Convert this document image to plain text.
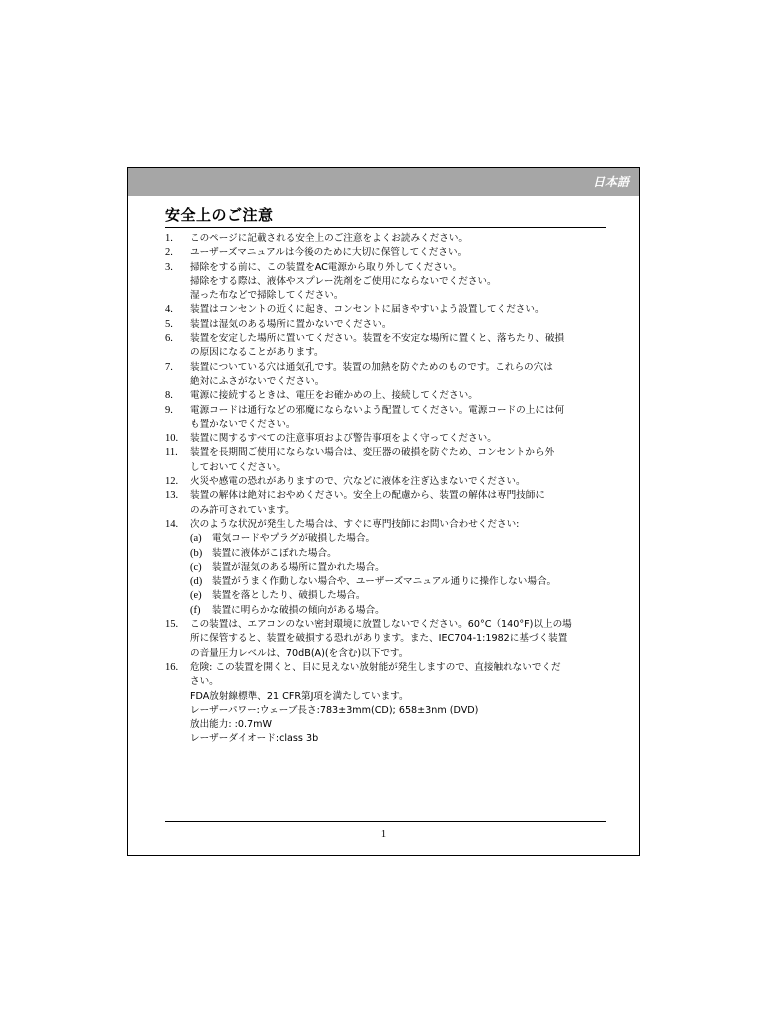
日本語
安全上のご注意
1.	このページに記載される安全上のご注意をよくお読みください。
2.	ユーザーズマニュアルは今後のために大切に保管してください。
3.	掃除をする前に、この装置をAC電源から取り外してください。
掃除をする際は、液体やスプレー洗剤をご使用にならないでください。
湿った布などで掃除してください。
4.	装置はコンセントの近くに起き、コンセントに届きやすいよう設置してください。
5.	装置は湿気のある場所に置かないでください。
6.	装置を安定した場所に置いてください。装置を不安定な場所に置くと、落ちたり、破損
の原因になることがあります。
7.	装置についている穴は通気孔です。装置の加熱を防ぐためのものです。これらの穴は
絶対にふさがないでください。
8.	電源に接続するときは、電圧をお確かめの上、接続してください。
9.	電源コードは通行などの邪魔にならないよう配置してください。電源コードの上には何
も置かないでください。
10.	装置に関するすべての注意事項および警告事項をよく守ってください。
11.	装置を長期間ご使用にならない場合は、変圧器の破損を防ぐため、コンセントから外
しておいてください。
12.	火災や感電の恐れがありますので、穴などに液体を注ぎ込まないでください。
13.	装置の解体は絶対におやめください。安全上の配慮から、装置の解体は専門技師に
のみ許可されています。
14.	次のような状況が発生した場合は、すぐに専門技師にお問い合わせください:
(a)	電気コードやプラグが破損した場合。
(b)	装置に液体がこぼれた場合。
(c)	装置が湿気のある場所に置かれた場合。
(d)	装置がうまく作動しない場合や、ユーザーズマニュアル通りに操作しない場合。
(e)	装置を落としたり、破損した場合。
(f)	装置に明らかな破損の傾向がある場合。
15.	この装置は、エアコンのない密封環境に放置しないでください。60°C（140°F)以上の場
所に保管すると、装置を破損する恐れがあります。また、IEC704-1:1982に基づく装置
の音量圧力レベルは、70dB(A)(を含む)以下です。
16.	危険: この装置を開くと、目に見えない放射能が発生しますので、直接触れないでくだ
さい。
FDA放射線標準、21 CFR第J項を満たしています。
レーザーパワー:ウェーブ長さ:783±3mm(CD); 658±3nm (DVD)
放出能力: :0.7mW
レーザーダイオード:class 3b
1
